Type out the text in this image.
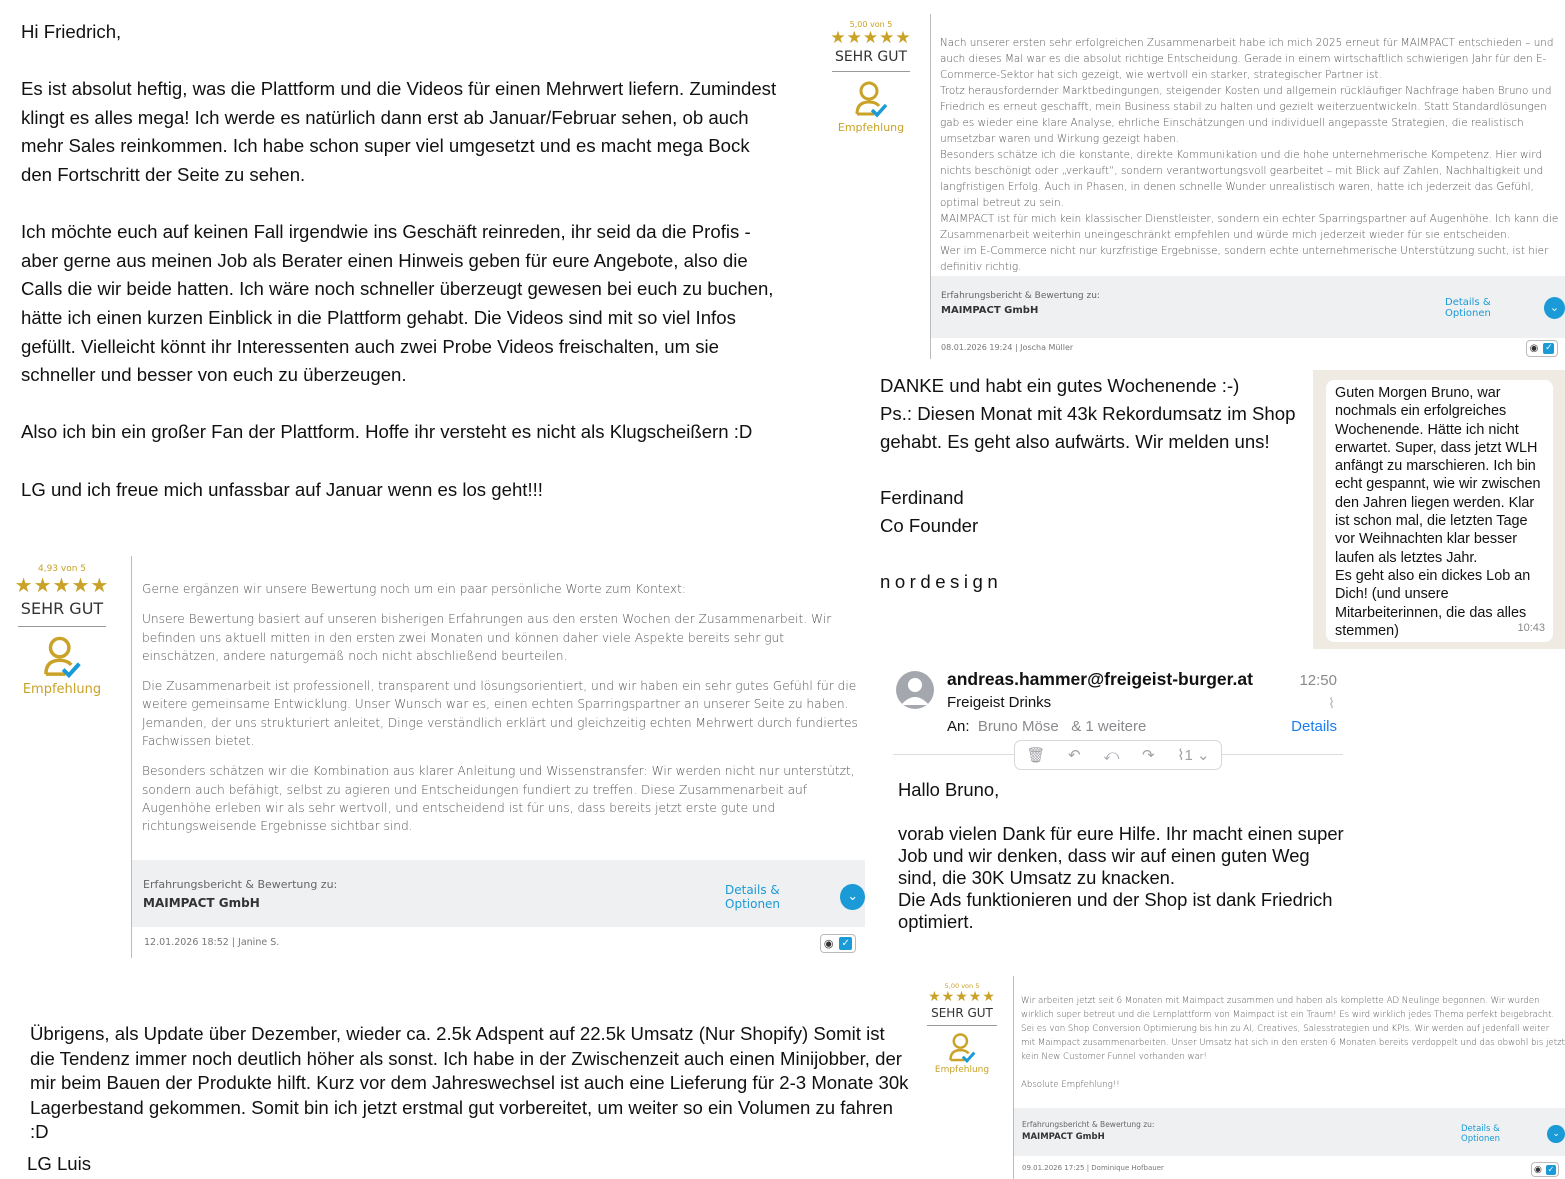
Hi Friedrich,

Es ist absolut heftig, was die Plattform und die Videos für einen Mehrwert liefern. Zumindest klingt es alles mega! Ich werde es natürlich dann erst ab Januar/Februar sehen, ob auch mehr Sales reinkommen. Ich habe schon super viel umgesetzt und es macht mega Bock den Fortschritt der Seite zu sehen.

Ich möchte euch auf keinen Fall irgendwie ins Geschäft reinreden, ihr seid da die Profis - aber gerne aus meinen Job als Berater einen Hinweis geben für eure Angebote, also die Calls die wir beide hatten. Ich wäre noch schneller überzeugt gewesen bei euch zu buchen, hätte ich einen kurzen Einblick in die Plattform gehabt. Die Videos sind mit so viel Infos gefüllt. Vielleicht könnt ihr Interessenten auch zwei Probe Videos freischalten, um sie schneller und besser von euch zu überzeugen.

Also ich bin ein großer Fan der Plattform. Hoffe ihr versteht es nicht als Klugscheißern :D

LG und ich freue mich unfassbar auf Januar wenn es los geht!!!

5,00 von 5
★★★★★
SEHR GUT
Empfehlung

Nach unserer ersten sehr erfolgreichen Zusammenarbeit habe ich mich 2025 erneut für MAIMPACT entschieden – und auch dieses Mal war es die absolut richtige Entscheidung. Gerade in einem wirtschaftlich schwierigen Jahr für den E-Commerce-Sektor hat sich gezeigt, wie wertvoll ein starker, strategischer Partner ist.

Trotz herausfordernder Marktbedingungen, steigender Kosten und allgemein rückläufiger Nachfrage haben Bruno und Friedrich es erneut geschafft, mein Business stabil zu halten und gezielt weiterzuentwickeln. Statt Standardlösungen gab es wieder eine klare Analyse, ehrliche Einschätzungen und individuell angepasste Strategien, die realistisch umsetzbar waren und Wirkung gezeigt haben.

Besonders schätze ich die konstante, direkte Kommunikation und die hohe unternehmerische Kompetenz. Hier wird nichts beschönigt oder „verkauft“, sondern verantwortungsvoll gearbeitet – mit Blick auf Zahlen, Nachhaltigkeit und langfristigen Erfolg. Auch in Phasen, in denen schnelle Wunder unrealistisch waren, hatte ich jederzeit das Gefühl, optimal betreut zu sein.

MAIMPACT ist für mich kein klassischer Dienstleister, sondern ein echter Sparringspartner auf Augenhöhe. Ich kann die Zusammenarbeit weiterhin uneingeschränkt empfehlen und würde mich jederzeit wieder für sie entscheiden.

Wer im E-Commerce nicht nur kurzfristige Ergebnisse, sondern echte unternehmerische Unterstützung sucht, ist hier definitiv richtig.

Erfahrungsbericht & Bewertung zu:
MAIMPACT GmbH
Details & Optionen	⌄
08.01.2026 19:24 | Joscha Müller	◉ ✓
4,93 von 5
★★★★★
SEHR GUT
Empfehlung

Gerne ergänzen wir unsere Bewertung noch um ein paar persönliche Worte zum Kontext:

Unsere Bewertung basiert auf unseren bisherigen Erfahrungen aus den ersten Wochen der Zusammenarbeit. Wir befinden uns aktuell mitten in den ersten zwei Monaten und können daher viele Aspekte bereits sehr gut einschätzen, andere naturgemäß noch nicht abschließend beurteilen.

Die Zusammenarbeit ist professionell, transparent und lösungsorientiert, und wir haben ein sehr gutes Gefühl für die weitere gemeinsame Entwicklung. Unser Wunsch war es, einen echten Sparringspartner an unserer Seite zu haben. Jemanden, der uns strukturiert anleitet, Dinge verständlich erklärt und gleichzeitig echten Mehrwert durch fundiertes Fachwissen bietet.

Besonders schätzen wir die Kombination aus klarer Anleitung und Wissenstransfer: Wir werden nicht nur unterstützt, sondern auch befähigt, selbst zu agieren und Entscheidungen fundiert zu treffen. Diese Zusammenarbeit auf Augenhöhe erleben wir als sehr wertvoll, und entscheidend ist für uns, dass bereits jetzt erste gute und richtungsweisende Ergebnisse sichtbar sind.

Erfahrungsbericht & Bewertung zu:
MAIMPACT GmbH
Details & Optionen	⌄
12.01.2026 18:52 | Janine S.	◉ ✓
DANKE und habt ein gutes Wochenende :-)
Ps.: Diesen Monat mit 43k Rekordumsatz im Shop gehabt. Es geht also aufwärts. Wir melden uns!
Ferdinand
Co Founder
nordesign
Guten Morgen Bruno, war nochmals ein erfolgreiches Wochenende. Hätte ich nicht erwartet. Super, dass jetzt WLH anfängt zu marschieren. Ich bin echt gespannt, wie wir zwischen den Jahren liegen werden. Klar ist schon mal, die letzten Tage vor Weihnachten klar besser laufen als letztes Jahr.
Es geht also ein dickes Lob an Dich! (und unsere Mitarbeiterinnen, die das alles stemmen)	10:43
andreas.hammer@freigeist-burger.at	12:50
Freigeist Drinks	⌇
An: Bruno Möse & 1 weitere	Details
🗑 ↶ ⤺ ↷ ⌇1 ⌄
Hallo Bruno,
vorab vielen Dank für eure Hilfe. Ihr macht einen super Job und wir denken, dass wir auf einen guten Weg sind, die 30K Umsatz zu knacken.
Die Ads funktionieren und der Shop ist dank Friedrich optimiert.
5,00 von 5
★★★★★
SEHR GUT
Empfehlung

Wir arbeiten jetzt seit 6 Monaten mit Maimpact zusammen und haben als komplette AD Neulinge begonnen. Wir wurden wirklich super betreut und die Lernplattform von Maimpact ist ein Traum! Es wird wirklich jedes Thema perfekt beigebracht. Sei es von Shop Conversion Optimierung bis hin zu AI, Creatives, Salesstrategien und KPIs. Wir werden auf jedenfall weiter mit Maimpact zusammenarbeiten. Unser Umsatz hat sich in den ersten 6 Monaten bereits verdoppelt und das obwohl bis jetzt kein New Customer Funnel vorhanden war!

Absolute Empfehlung!!

Erfahrungsbericht & Bewertung zu:
MAIMPACT GmbH
Details & Optionen	⌄
09.01.2026 17:25 | Dominique Hofbauer	◉ ✓
Übrigens, als Update über Dezember, wieder ca. 2.5k Adspent auf 22.5k Umsatz (Nur Shopify) Somit ist die Tendenz immer noch deutlich höher als sonst. Ich habe in der Zwischenzeit auch einen Minijobber, der mir beim Bauen der Produkte hilft. Kurz vor dem Jahreswechsel ist auch eine Lieferung für 2-3 Monate 30k Lagerbestand gekommen. Somit bin ich jetzt erstmal gut vorbereitet, um weiter so ein Volumen zu fahren :D
LG Luis
